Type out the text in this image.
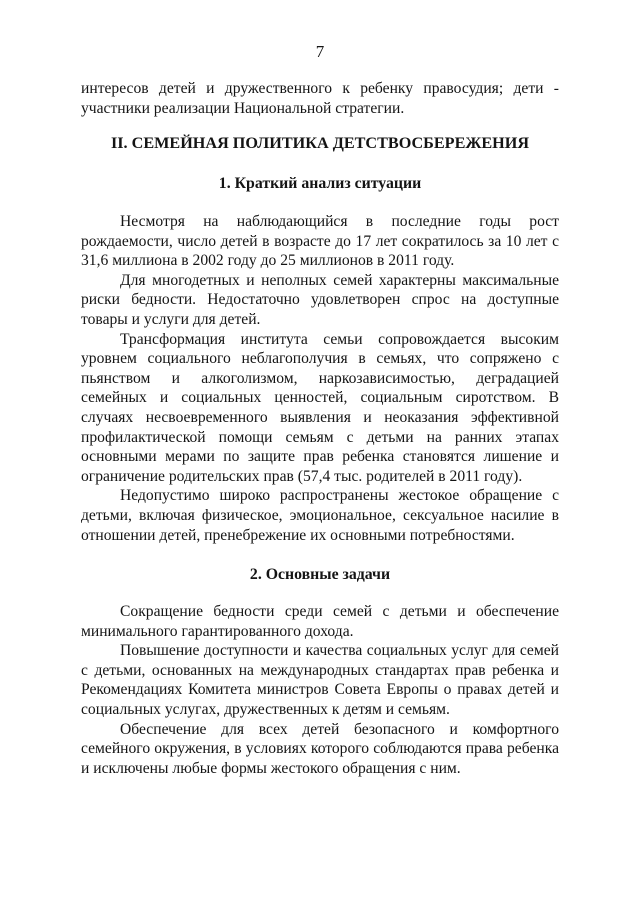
7

интересов детей и дружественного к ребенку правосудия; дети - участники реализации Национальной стратегии.

II. СЕМЕЙНАЯ ПОЛИТИКА ДЕТСТВОСБЕРЕЖЕНИЯ
1. Краткий анализ ситуации

Несмотря на наблюдающийся в последние годы рост рождаемости, число детей в возрасте до 17 лет сократилось за 10 лет с 31,6 миллиона в 2002 году до 25 миллионов в 2011 году.

Для многодетных и неполных семей характерны максимальные риски бедности. Недостаточно удовлетворен спрос на доступные товары и услуги для детей.

Трансформация института семьи сопровождается высоким уровнем социального неблагополучия в семьях, что сопряжено с пьянством и алкоголизмом, наркозависимостью, деградацией семейных и социальных ценностей, социальным сиротством. В случаях несвоевременного выявления и неоказания эффективной профилактической помощи семьям с детьми на ранних этапах основными мерами по защите прав ребенка становятся лишение и ограничение родительских прав (57,4 тыс. родителей в 2011 году).

Недопустимо широко распространены жестокое обращение с детьми, включая физическое, эмоциональное, сексуальное насилие в отношении детей, пренебрежение их основными потребностями.

2. Основные задачи

Сокращение бедности среди семей с детьми и обеспечение минимального гарантированного дохода.

Повышение доступности и качества социальных услуг для семей с детьми, основанных на международных стандартах прав ребенка и Рекомендациях Комитета министров Совета Европы о правах детей и социальных услугах, дружественных к детям и семьям.

Обеспечение для всех детей безопасного и комфортного семейного окружения, в условиях которого соблюдаются права ребенка и исключены любые формы жестокого обращения с ним.
